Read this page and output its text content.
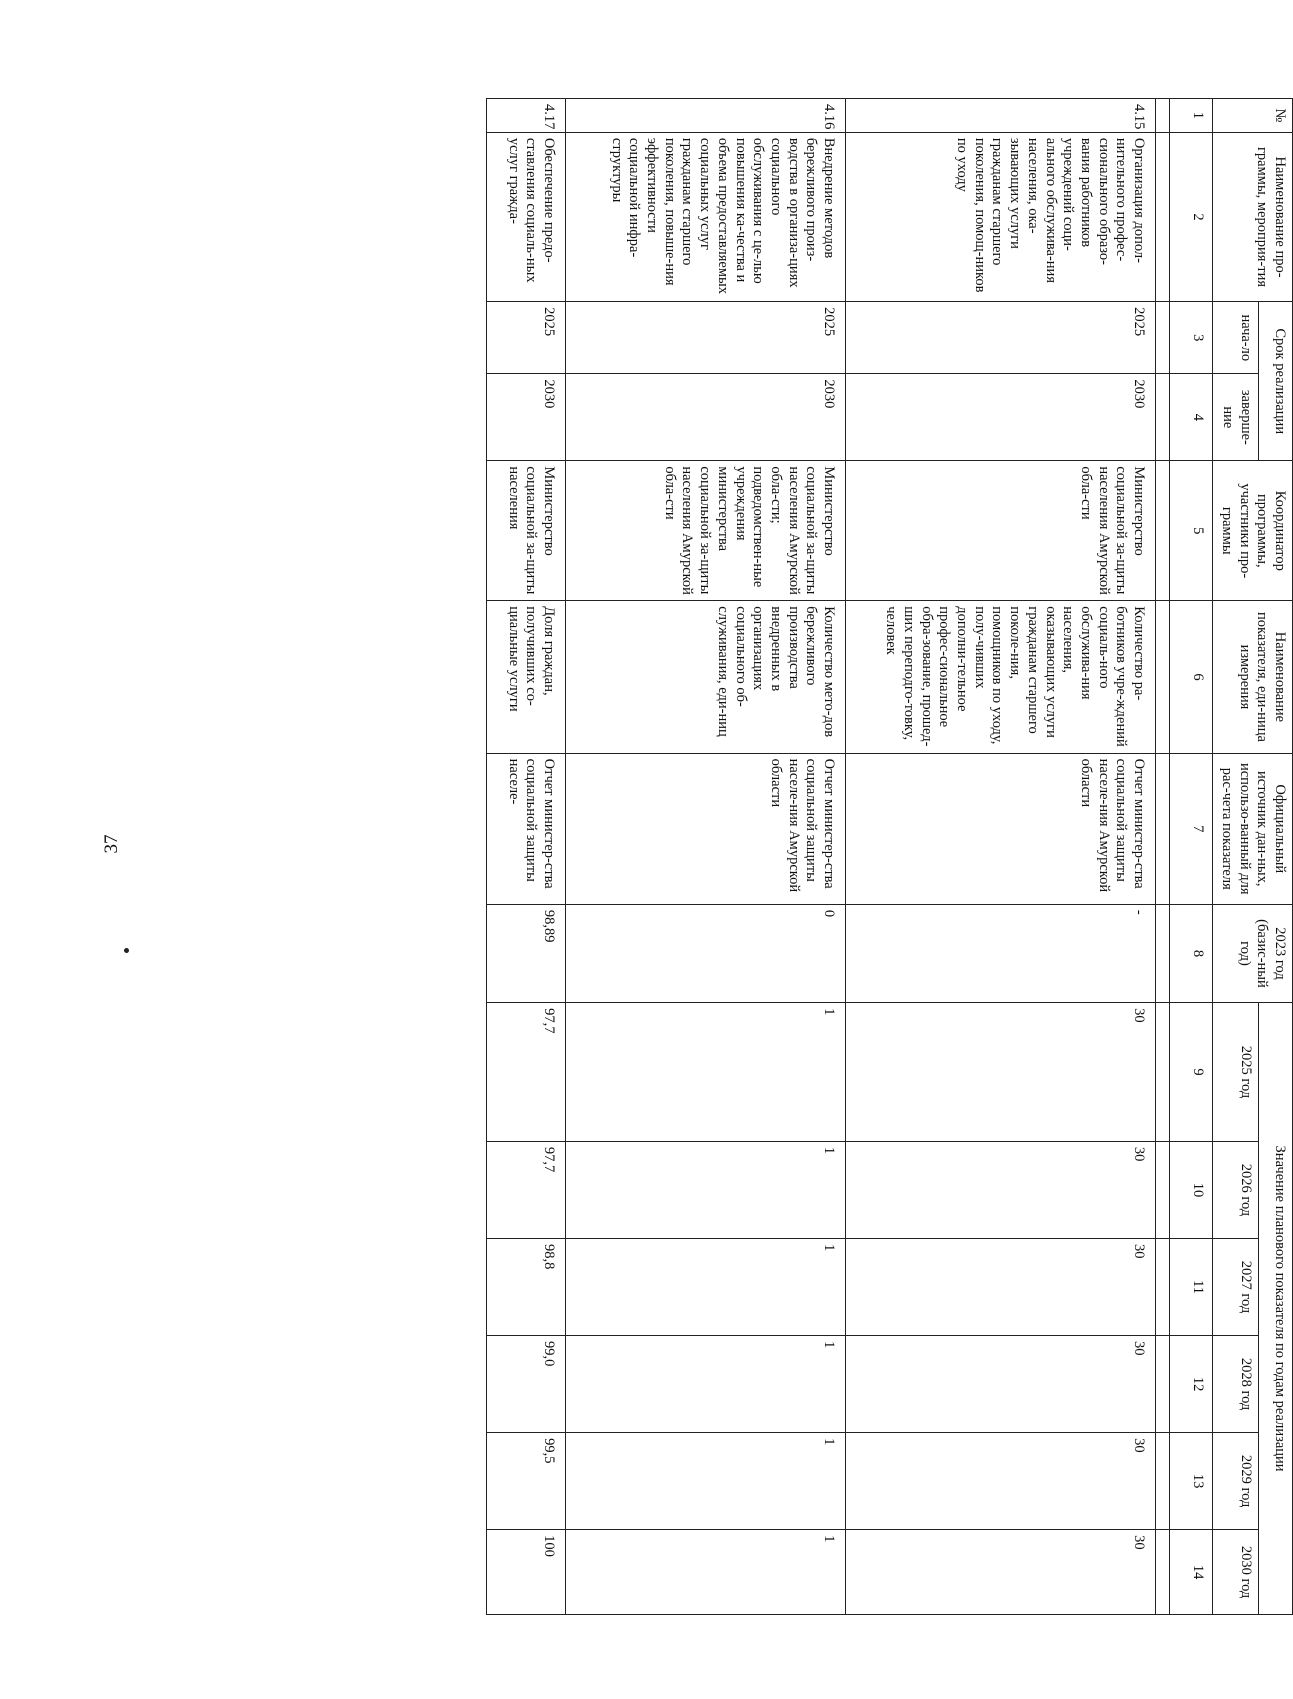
37
№	Наименование про-граммы, мероприя-тия	Срок реализации		Координатор программы, участники про-граммы	Наименование показателя, еди-ница измерения	Официальный источник дан-ных, использо-ванный для рас-чета показателя	2023 год (базис-ный год)	Значение планового показателя по годам реализации					
		нача-ло	заверше-ние					2025 год	2026 год	2027 год	2028 год	2029 год	2030 год
1	2	3	4	5	6	7	8	9	10	11	12	13	14

4.15	Организация допол-нительного профес-сионального образо-вания работников учреждений соци-ального обслужива-ния населения, ока-зывающих услуги гражданам старшего поколения, помощ-ников по уходу	2025	2030	Министерство социальной за-щиты населения Амурской обла-сти	Количество ра-ботников учре-ждений социаль-ного обслужива-ния населения, оказывающих услуги гражданам старшего поколе-ния, помощников по уходу, полу-чивших дополни-тельное профес-сиональное обра-зование, прошед-ших переподго-товку, человек	Отчет министер-ства социальной защиты населе-ния Амурской области	-	30	30	30	30	30	30
4.16	Внедрение методов бережливого произ-водства в организа-циях социального обслуживания с це-лью повышения ка-чества и объема предоставляемых социальных услуг гражданам старшего поколения, повыше-ния эффективности социальной инфра-структуры	2025	2030	Министерство социальной за-щиты населения Амурской обла-сти; подведомствен-ные учреждения министерства социальной за-щиты населения Амурской обла-сти	Количество мето-дов бережливого производства внедренных в организациях социального об-служивания, еди-ниц	Отчет министер-ства социальной защиты населе-ния Амурской области	0	1	1	1	1	1	1
4.17	Обеспечение предо-ставления социаль-ных услуг гражда-	2025	2030	Министерство социальной за-щиты населения	Доля граждан, получивших со-циальные услуги	Отчет министер-ства социальной защиты населе-	98,89	97,7	97,7	98,8	99,0	99,5	100
